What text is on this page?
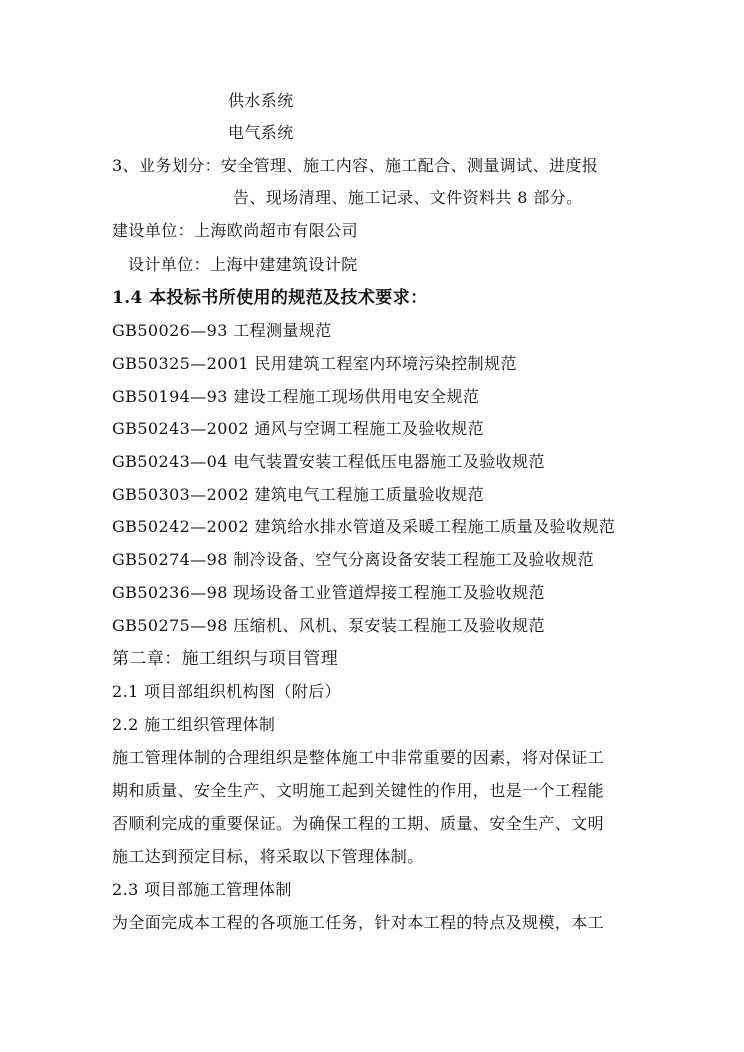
供水系统
电气系统
3、业务划分：安全管理、施工内容、施工配合、测量调试、进度报
告、现场清理、施工记录、文件资料共 8 部分。
建设单位：上海欧尚超市有限公司
设计单位：上海中建建筑设计院
1.4 本投标书所使用的规范及技术要求：
GB50026—93 工程测量规范
GB50325—2001 民用建筑工程室内环境污染控制规范
GB50194—93 建设工程施工现场供用电安全规范
GB50243—2002 通风与空调工程施工及验收规范
GB50243—04 电气装置安装工程低压电器施工及验收规范
GB50303—2002 建筑电气工程施工质量验收规范
GB50242—2002 建筑给水排水管道及采暖工程施工质量及验收规范
GB50274—98 制冷设备、空气分离设备安装工程施工及验收规范
GB50236—98 现场设备工业管道焊接工程施工及验收规范
GB50275—98 压缩机、风机、泵安装工程施工及验收规范
第二章：施工组织与项目管理
2.1 项目部组织机构图（附后）
2.2 施工组织管理体制
施工管理体制的合理组织是整体施工中非常重要的因素，将对保证工
期和质量、安全生产、文明施工起到关键性的作用，也是一个工程能
否顺利完成的重要保证。为确保工程的工期、质量、安全生产、文明
施工达到预定目标，将采取以下管理体制。
2.3 项目部施工管理体制
为全面完成本工程的各项施工任务，针对本工程的特点及规模，本工
